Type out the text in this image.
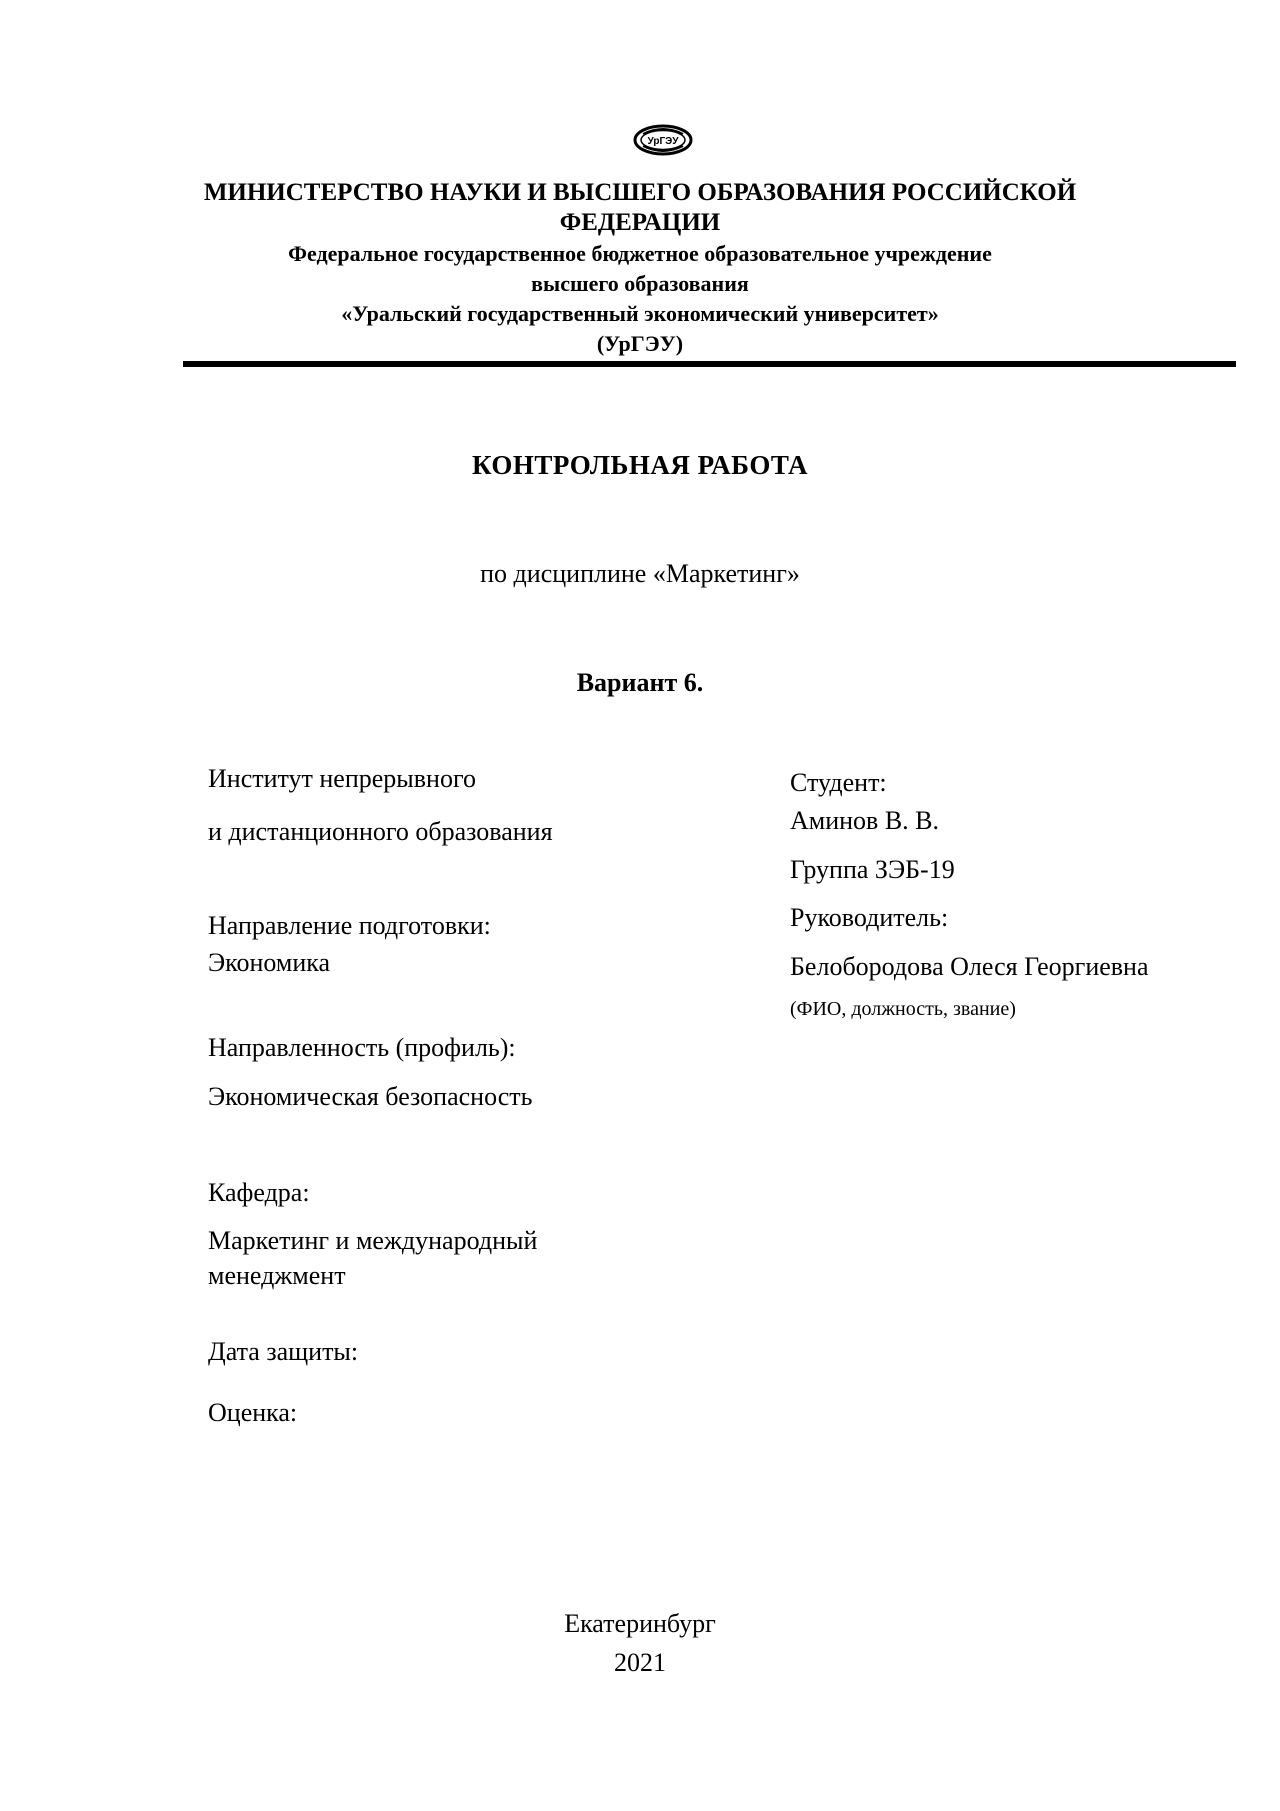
УрГЭУ

МИНИСТЕРСТВО НАУКИ И ВЫСШЕГО ОБРАЗОВАНИЯ РОССИЙСКОЙ

ФЕДЕРАЦИИ

Федеральное государственное бюджетное образовательное учреждение

высшего образования

«Уральский государственный экономический университет»

(УрГЭУ)

КОНТРОЛЬНАЯ РАБОТА

по дисциплине «Маркетинг»

Вариант 6.

Институт непрерывного

и дистанционного образования

Направление подготовки:

Экономика

Направленность (профиль):

Экономическая безопасность

Кафедра:

Маркетинг и международный

менеджмент

Дата защиты:

Оценка:

Студент:

Аминов В. В.

Группа ЗЭБ-19

Руководитель:

Белобородова Олеся Георгиевна

(ФИО, должность, звание)

Екатеринбург

2021
